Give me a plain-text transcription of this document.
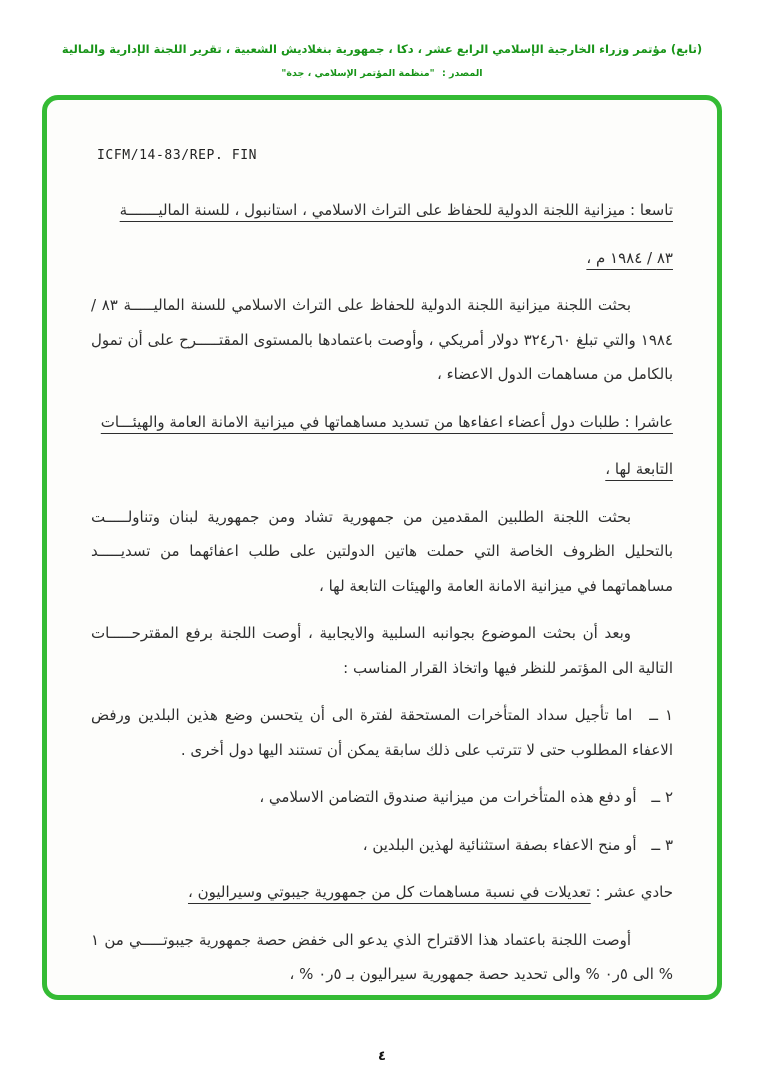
(تابع) مؤتمر وزراء الخارجية الإسلامي الرابع عشر ، دكا ، جمهورية بنغلاديش الشعبية ، تقرير اللجنة الإدارية والمالية
المصدر : "منظمة المؤتمر الإسلامي ، جدة"
ICFM/14-83/REP. FIN

تاسعا : ميزانية اللجنة الدولية للحفاظ على التراث الاسلامي ، استانبول ، للسنة الماليـــــــة

٨٣ / ١٩٨٤ م ،

بحثت اللجنة ميزانية اللجنة الدولية للحفاظ على التراث الاسلامي للسنة الماليـــــة ٨٣ / ١٩٨٤ والتي تبلغ ٦٠ر٣٢٤ دولار أمريكي ، وأوصت باعتمادها بالمستوى المقتـــــرح على أن تمول بالكامل من مساهمات الدول الاعضاء ،

عاشرا : طلبات دول أعضاء اعفاءها من تسديد مساهماتها في ميزانية الامانة العامة والهيئـــات

التابعة لها ،

بحثت اللجنة الطلبين المقدمين من جمهورية تشاد ومن جمهورية لبنان وتناولـــــت بالتحليل الظروف الخاصة التي حملت هاتين الدولتين على طلب اعفائهما من تسديـــــد مساهماتهما في ميزانية الامانة العامة والهيئات التابعة لها ،

وبعد أن بحثت الموضوع بجوانبه السلبية والايجابية ، أوصت اللجنة برفع المقترحـــــات التالية الى المؤتمر للنظر فيها واتخاذ القرار المناسب :

١ ــ اما تأجيل سداد المتأخرات المستحقة لفترة الى أن يتحسن وضع هذين البلدين ورفض الاعفاء المطلوب حتى لا تترتب على ذلك سابقة يمكن أن تستند اليها دول أخرى .

٢ ــ أو دفع هذه المتأخرات من ميزانية صندوق التضامن الاسلامي ،

٣ ــ أو منح الاعفاء بصفة استثنائية لهذين البلدين ،

حادي عشر : تعديلات في نسبة مساهمات كل من جمهورية جيبوتي وسيراليون ،

أوصت اللجنة باعتماد هذا الاقتراح الذي يدعو الى خفض حصة جمهورية جيبوتـــــي من ١ % الى ٥ر٠ % والى تحديد حصة جمهورية سيراليون بـ ٥ر٠ % ،

٤
